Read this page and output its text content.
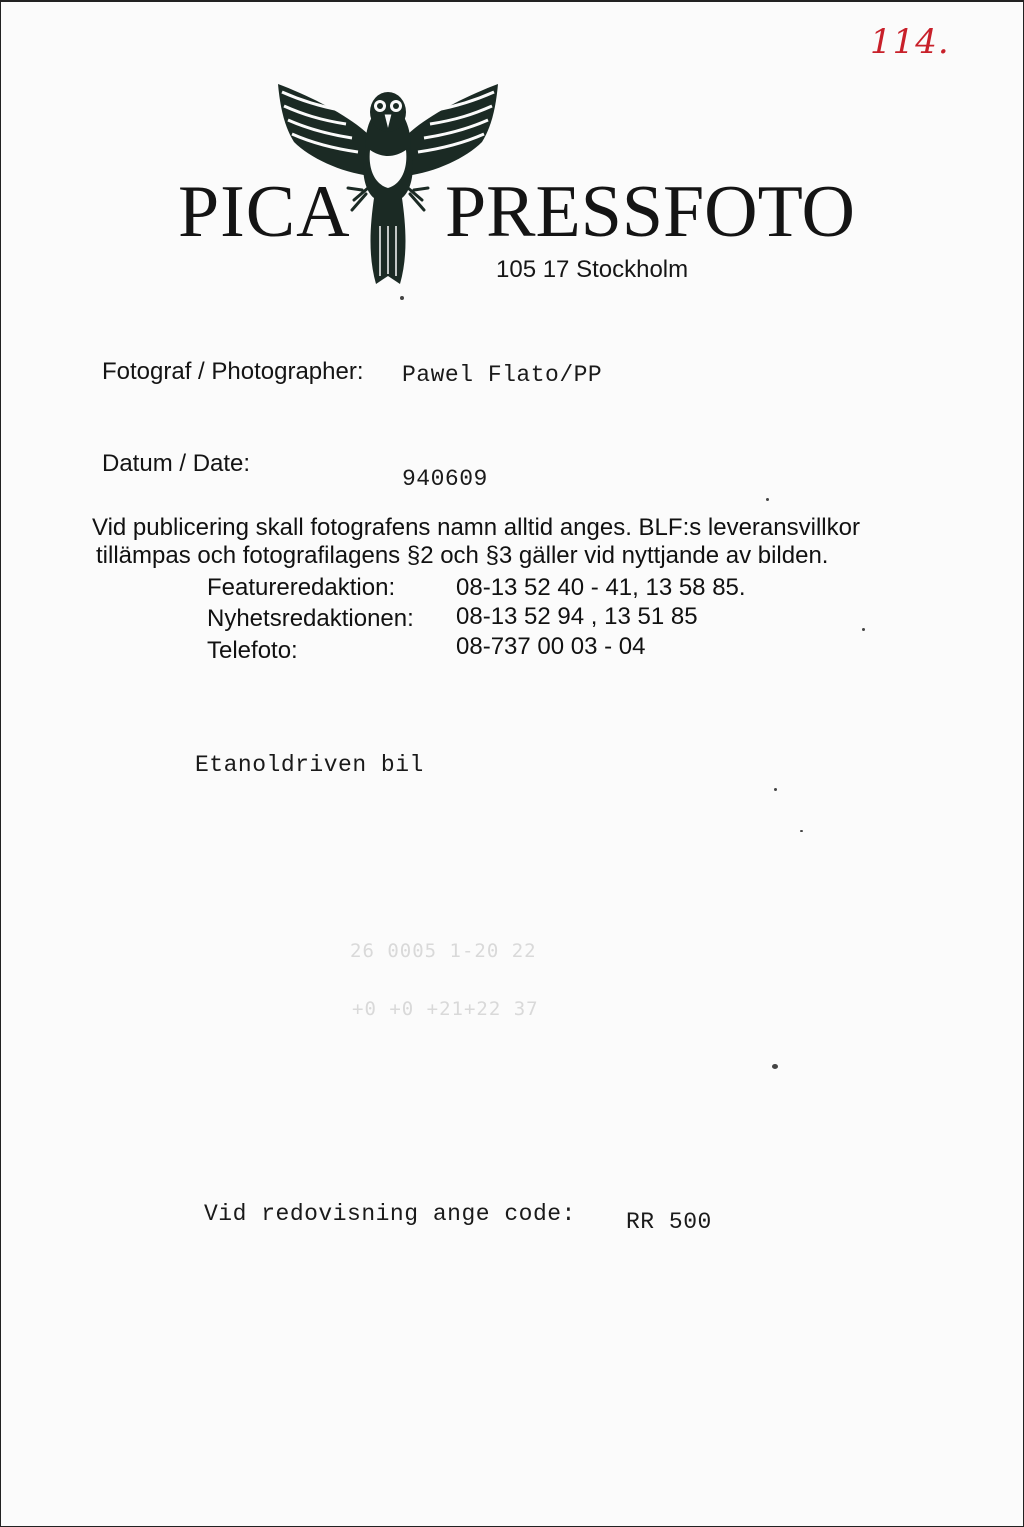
114.
PICA PRESSFOTO
105 17 Stockholm
Fotograf / Photographer: Pawel Flato/PP
Datum / Date:
940609
Vid publicering skall fotografens namn alltid anges. BLF:s leveransvillkor
tillämpas och fotografilagens §2 och §3 gäller vid nyttjande av bilden.
Featureredaktion:	08-13 52 40 - 41, 13 58 85.
Nyhetsredaktionen: 08-13 52 94 , 13 51 85
Telefoto:	08-737 00 03 - 04
Etanoldriven bil
26 0005 1-20 22
+0 +0 +21+22 37
Vid redovisning ange code: RR 500
